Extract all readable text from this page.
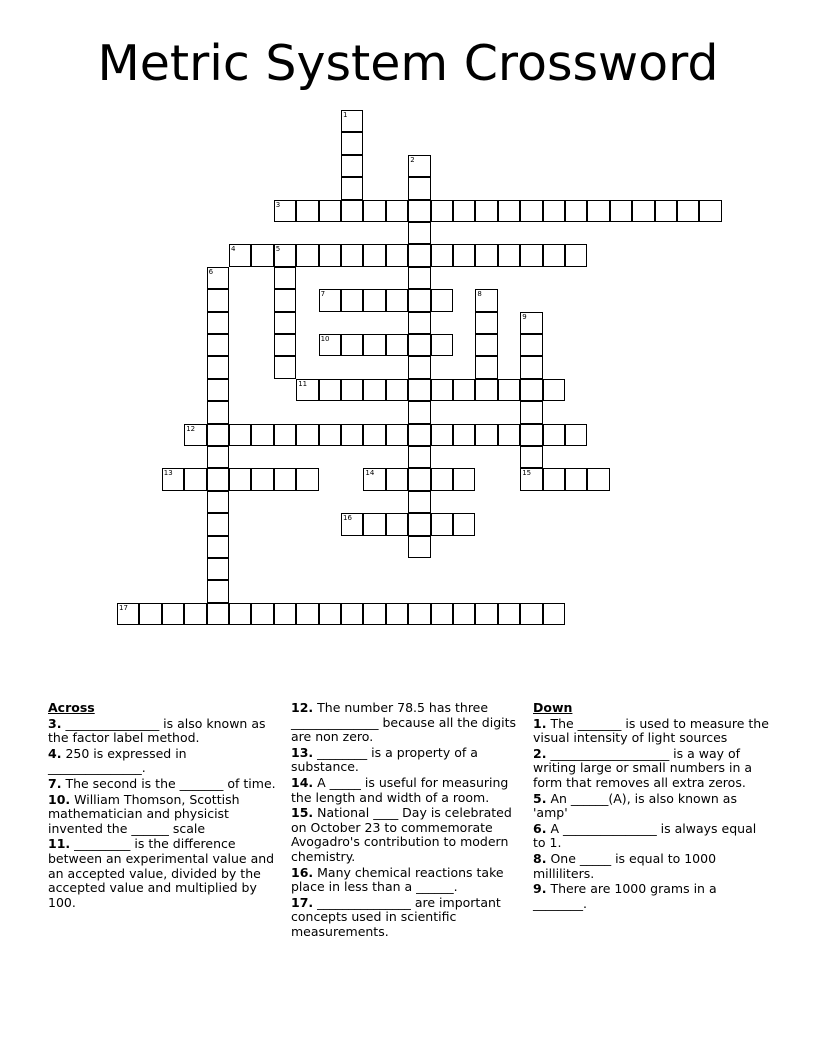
Metric System Crossword
1
2
3
4	5
6
7	8
9
15
10
11
12
13	14
16
17
Across
3. _______________ is also known as the factor label method.
4. 250 is expressed in _______________.
7. The second is the _______ of time.
10. William Thomson, Scottish mathematician and physicist invented the ______ scale
11. _________ is the difference between an experimental value and an accepted value, divided by the accepted value and multiplied by 100.
12. The number 78.5 has three ______________ because all the digits are non zero.
13. ________ is a property of a substance.
14. A _____ is useful for measuring the length and width of a room.
15. National ____ Day is celebrated on October 23 to commemorate Avogadro's contribution to modern chemistry.
16. Many chemical reactions take place in less than a ______.
17. _______________ are important concepts used in scientific measurements.
Down
1. The _______ is used to measure the visual intensity of light sources
2. ___________________ is a way of writing large or small numbers in a form that removes all extra zeros.
5. An ______(A), is also known as 'amp'
6. A _______________ is always equal to 1.
8. One _____ is equal to 1000 milliliters.
9. There are 1000 grams in a ________.
